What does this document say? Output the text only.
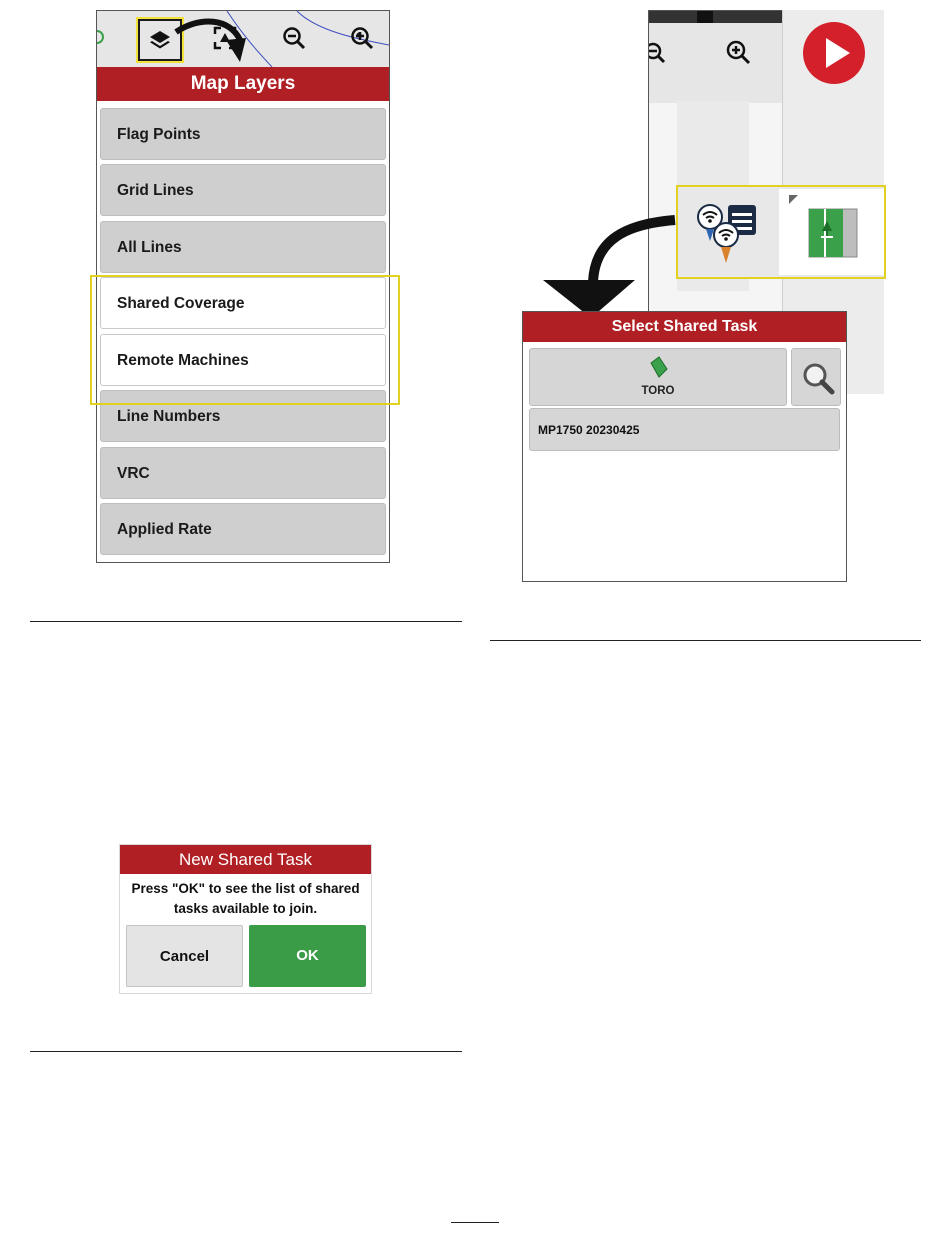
Map Layers
Flag Points
Grid Lines
All Lines
Shared Coverage
Remote Machines
Line Numbers
VRC
Applied Rate
Select Shared Task
TORO
MP1750 20230425
New Shared Task
Press "OK" to see the list of shared
tasks available to join.
Cancel	OK
